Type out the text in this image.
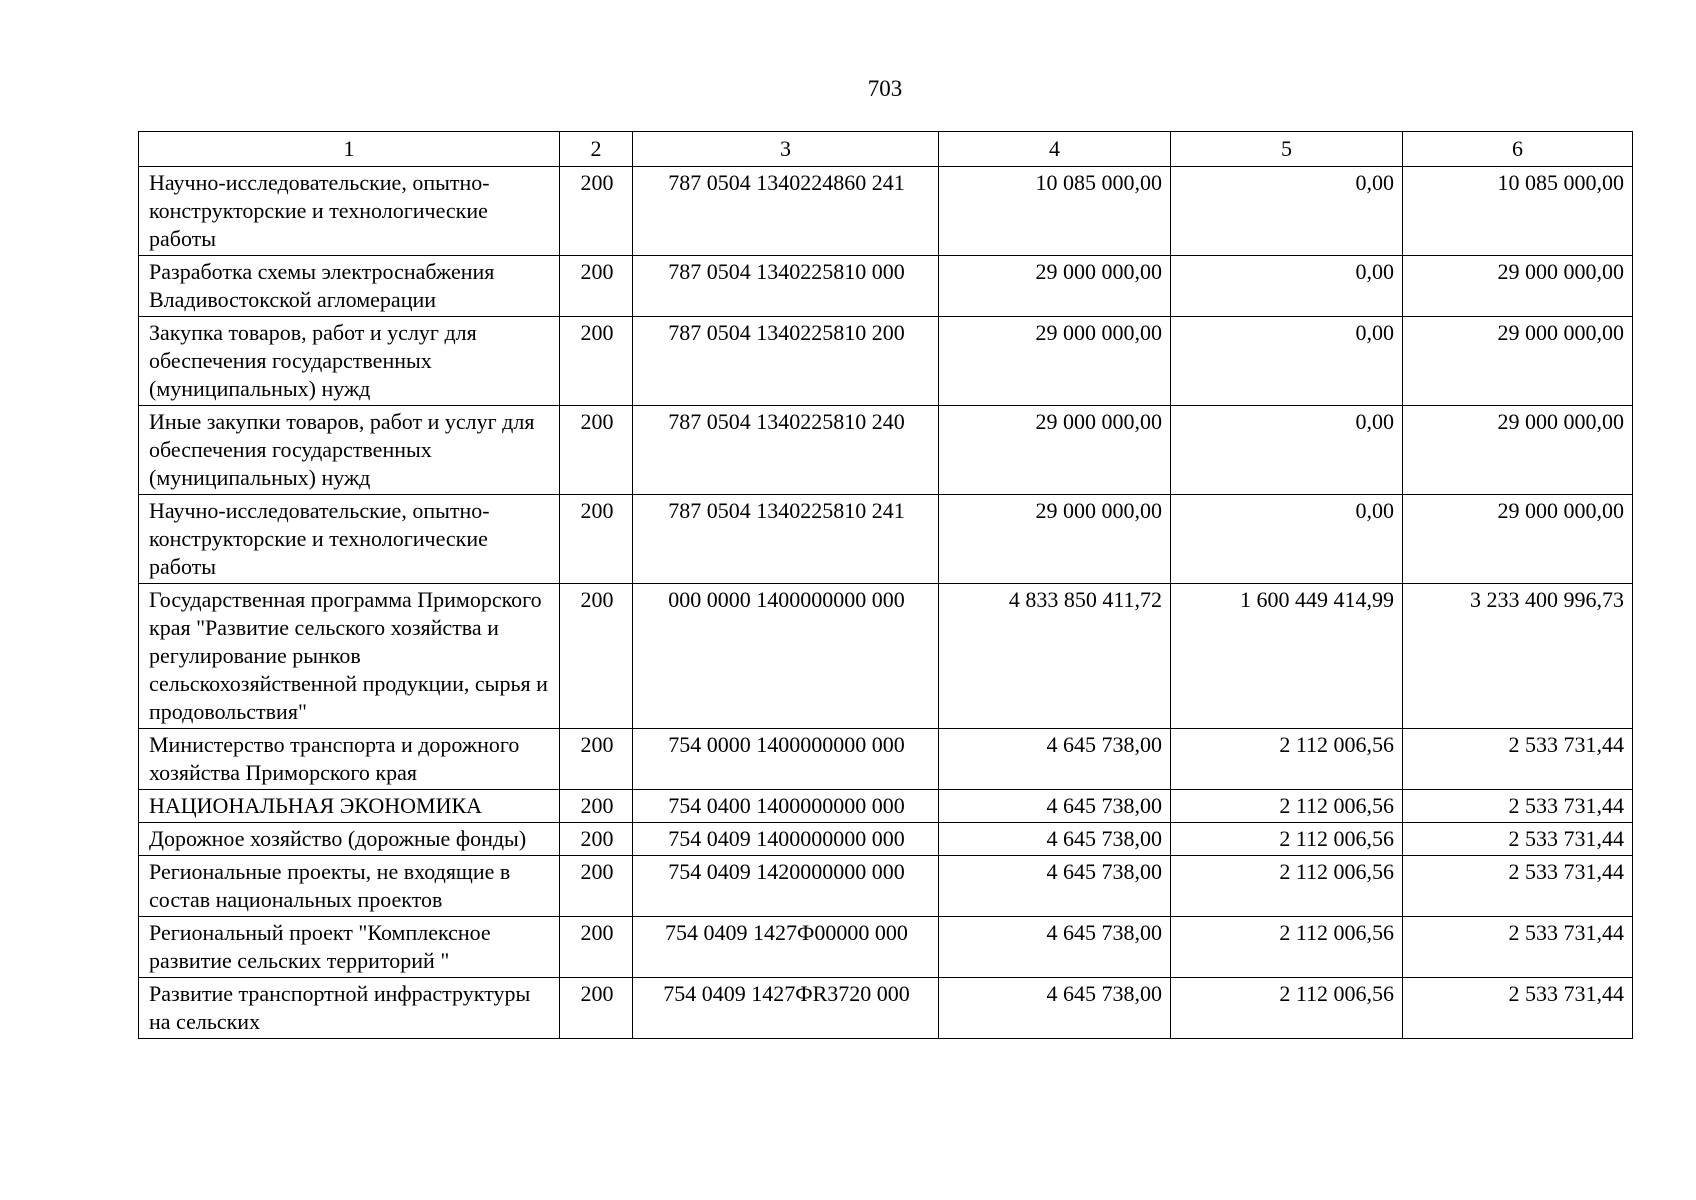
703
1	2	3	4	5	6
Научно-исследовательские, опытно-конструкторские и технологические работы	200	787 0504 1340224860 241	10 085 000,00	0,00	10 085 000,00
Разработка схемы электроснабжения Владивостокской агломерации	200	787 0504 1340225810 000	29 000 000,00	0,00	29 000 000,00
Закупка товаров, работ и услуг для обеспечения государственных (муниципальных) нужд	200	787 0504 1340225810 200	29 000 000,00	0,00	29 000 000,00
Иные закупки товаров, работ и услуг для обеспечения государственных (муниципальных) нужд	200	787 0504 1340225810 240	29 000 000,00	0,00	29 000 000,00
Научно-исследовательские, опытно-конструкторские и технологические работы	200	787 0504 1340225810 241	29 000 000,00	0,00	29 000 000,00
Государственная программа Приморского края "Развитие сельского хозяйства и регулирование рынков сельскохозяйственной продукции, сырья и продовольствия"	200	000 0000 1400000000 000	4 833 850 411,72	1 600 449 414,99	3 233 400 996,73
Министерство транспорта и дорожного хозяйства Приморского края	200	754 0000 1400000000 000	4 645 738,00	2 112 006,56	2 533 731,44
НАЦИОНАЛЬНАЯ ЭКОНОМИКА	200	754 0400 1400000000 000	4 645 738,00	2 112 006,56	2 533 731,44
Дорожное хозяйство (дорожные фонды)	200	754 0409 1400000000 000	4 645 738,00	2 112 006,56	2 533 731,44
Региональные проекты, не входящие в состав национальных проектов	200	754 0409 1420000000 000	4 645 738,00	2 112 006,56	2 533 731,44
Региональный проект "Комплексное развитие сельских территорий "	200	754 0409 1427Ф00000 000	4 645 738,00	2 112 006,56	2 533 731,44
Развитие транспортной инфраструктуры на сельских	200	754 0409 1427ФR3720 000	4 645 738,00	2 112 006,56	2 533 731,44
